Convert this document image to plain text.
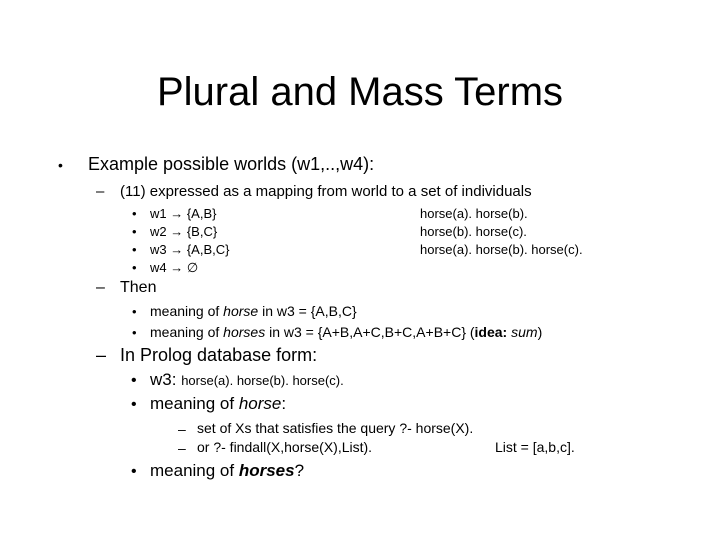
Plural and Mass Terms
• Example possible worlds (w1,..,w4):
– (11) expressed as a mapping from world to a set of individuals
• w1 → {A,B}	horse(a). horse(b).
• w2 → {B,C}	horse(b). horse(c).
• w3 → {A,B,C}	horse(a). horse(b). horse(c).
• w4 → ∅
– Then
• meaning of horse in w3 = {A,B,C}
• meaning of horses in w3 = {A+B,A+C,B+C,A+B+C} (idea: sum)
– In Prolog database form:
• w3: horse(a). horse(b). horse(c).
• meaning of horse:
– set of Xs that satisfies the query ?- horse(X).
– or ?- findall(X,horse(X),List).	List = [a,b,c].
• meaning of horses?
